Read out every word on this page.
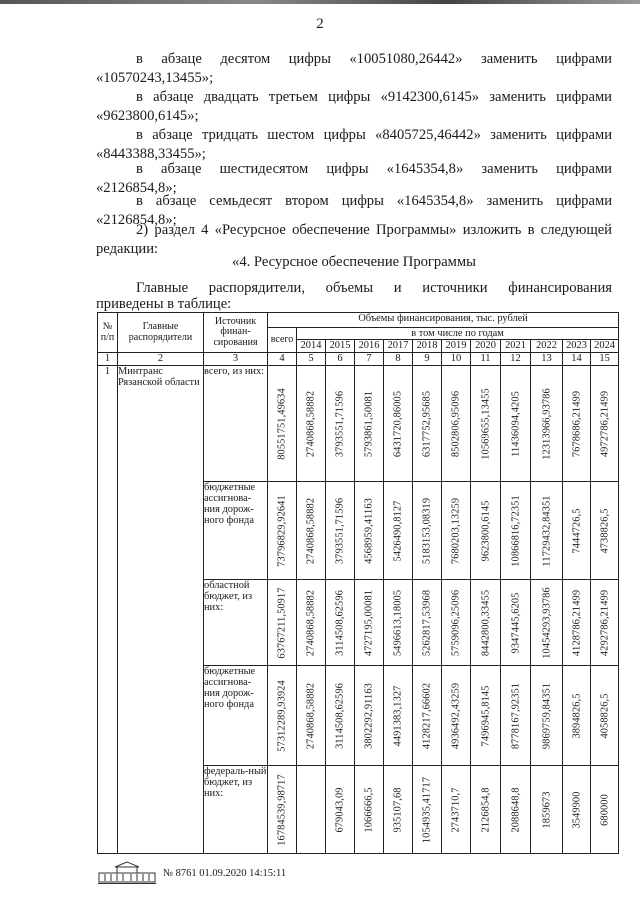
2

в абзаце десятом цифры «10051080,26442» заменить цифрами
«10570243,13455»;

в абзаце двадцать третьем цифры «9142300,6145» заменить цифрами
«9623800,6145»;

в абзаце тридцать шестом цифры «8405725,46442» заменить цифрами
«8443388,33455»;

в абзаце шестидесятом цифры «1645354,8» заменить цифрами
«2126854,8»;

в абзаце семьдесят втором цифры «1645354,8» заменить цифрами
«2126854,8»;

2) раздел 4 «Ресурсное обеспечение Программы» изложить в следующей
редакции:

«4. Ресурсное обеспечение Программы
Главные распорядители, объемы и источники финансирования
приведены в таблице:
№ п/п	Главные распорядители	Источник финан-сирования	Объемы финансирования, тыс. рублей											
			всего	в том числе по годам										
				2014	2015	2016	2017	2018	2019	2020	2021	2022	2023	2024
1	2	3	4	5	6	7	8	9	10	11	12	13	14	15
1	Минтранс Рязанской области	всего, из них:	80551751,49634	2740868,58882	3793551,71596	5793861,50081	6431720,86005	6317752,95685	8502806,95096	10569655,13455	11436094,4205	12313966,93786	7678686,21499	4972786,21499

		бюджетные ассигнова-ния дорож-ного фонда	73796829,92641	2740868,58882	3793551,71596	4568959,41163	5426490,8127	5183153,08319	7680203,13259	9623800,6145	10866816,72351	11729432,84351	7444726,5	4738826,5

		областной бюджет, из них:	63767211,50917	2740868,58882	3114508,62596	4727195,00081	5496613,18005	5262817,53968	5759096,25096	8442800,33455	9347445,6205	10454293,93786	4128786,21499	4292786,21499

		бюджетные ассигнова-ния дорож-ного фонда	57312289,93924	2740868,58882	3114508,62596	3802292,91163	4491383,1327	4128217,66602	4936492,43259	7496945,8145	8778167,92351	9869759,84351	3894826,5	4058826,5

		федераль-ный бюджет, из них:	16784539,98717		679043,09	1066666,5	935107,68	1054935,41717	2743710,7	2126854,8	2088648,8	1859673	3549900	680000
№ 8761 01.09.2020 14:15:11
